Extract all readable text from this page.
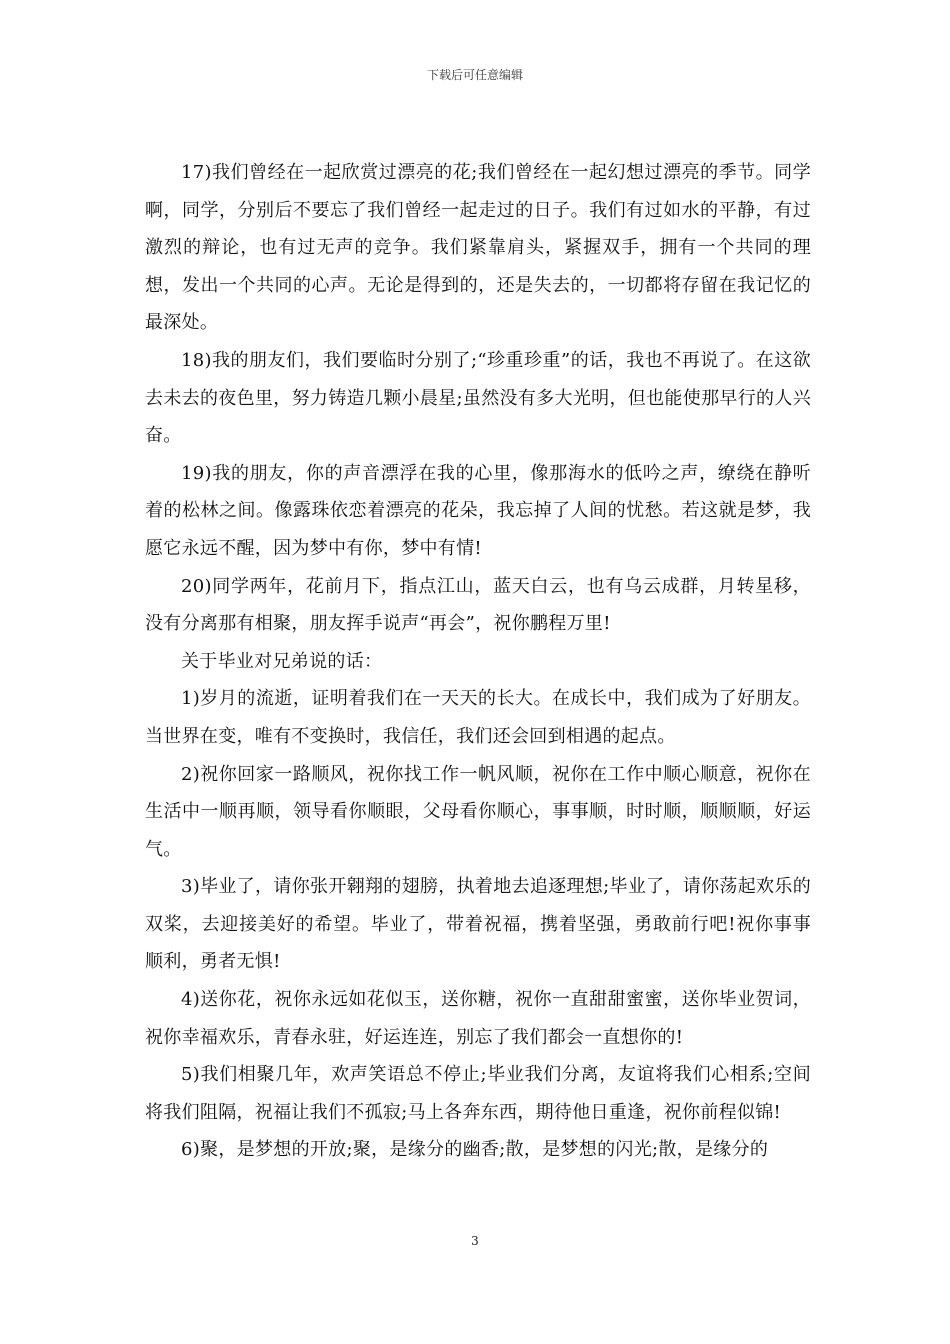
下载后可任意编辑

17)我们曾经在一起欣赏过漂亮的花;我们曾经在一起幻想过漂亮的季节。同学啊，同学，分别后不要忘了我们曾经一起走过的日子。我们有过如水的平静，有过激烈的辩论，也有过无声的竞争。我们紧靠肩头，紧握双手，拥有一个共同的理想，发出一个共同的心声。无论是得到的，还是失去的，一切都将存留在我记忆的最深处。

18)我的朋友们，我们要临时分别了;“珍重珍重”的话，我也不再说了。在这欲去未去的夜色里，努力铸造几颗小晨星;虽然没有多大光明，但也能使那早行的人兴奋。

19)我的朋友，你的声音漂浮在我的心里，像那海水的低吟之声，缭绕在静听着的松林之间。像露珠依恋着漂亮的花朵，我忘掉了人间的忧愁。若这就是梦，我愿它永远不醒，因为梦中有你，梦中有情!

20)同学两年，花前月下，指点江山，蓝天白云，也有乌云成群，月转星移，没有分离那有相聚，朋友挥手说声“再会”，祝你鹏程万里!

关于毕业对兄弟说的话：

1)岁月的流逝，证明着我们在一天天的长大。在成长中，我们成为了好朋友。当世界在变，唯有不变换时，我信任，我们还会回到相遇的起点。

2)祝你回家一路顺风，祝你找工作一帆风顺，祝你在工作中顺心顺意，祝你在生活中一顺再顺，领导看你顺眼，父母看你顺心，事事顺，时时顺，顺顺顺，好运气。

3)毕业了，请你张开翱翔的翅膀，执着地去追逐理想;毕业了，请你荡起欢乐的双桨，去迎接美好的希望。毕业了，带着祝福，携着坚强，勇敢前行吧!祝你事事顺利，勇者无惧!

4)送你花，祝你永远如花似玉，送你糖，祝你一直甜甜蜜蜜，送你毕业贺词，祝你幸福欢乐，青春永驻，好运连连，别忘了我们都会一直想你的!

5)我们相聚几年，欢声笑语总不停止;毕业我们分离，友谊将我们心相系;空间将我们阻隔，祝福让我们不孤寂;马上各奔东西，期待他日重逢，祝你前程似锦!

6)聚，是梦想的开放;聚，是缘分的幽香;散，是梦想的闪光;散，是缘分的

3
